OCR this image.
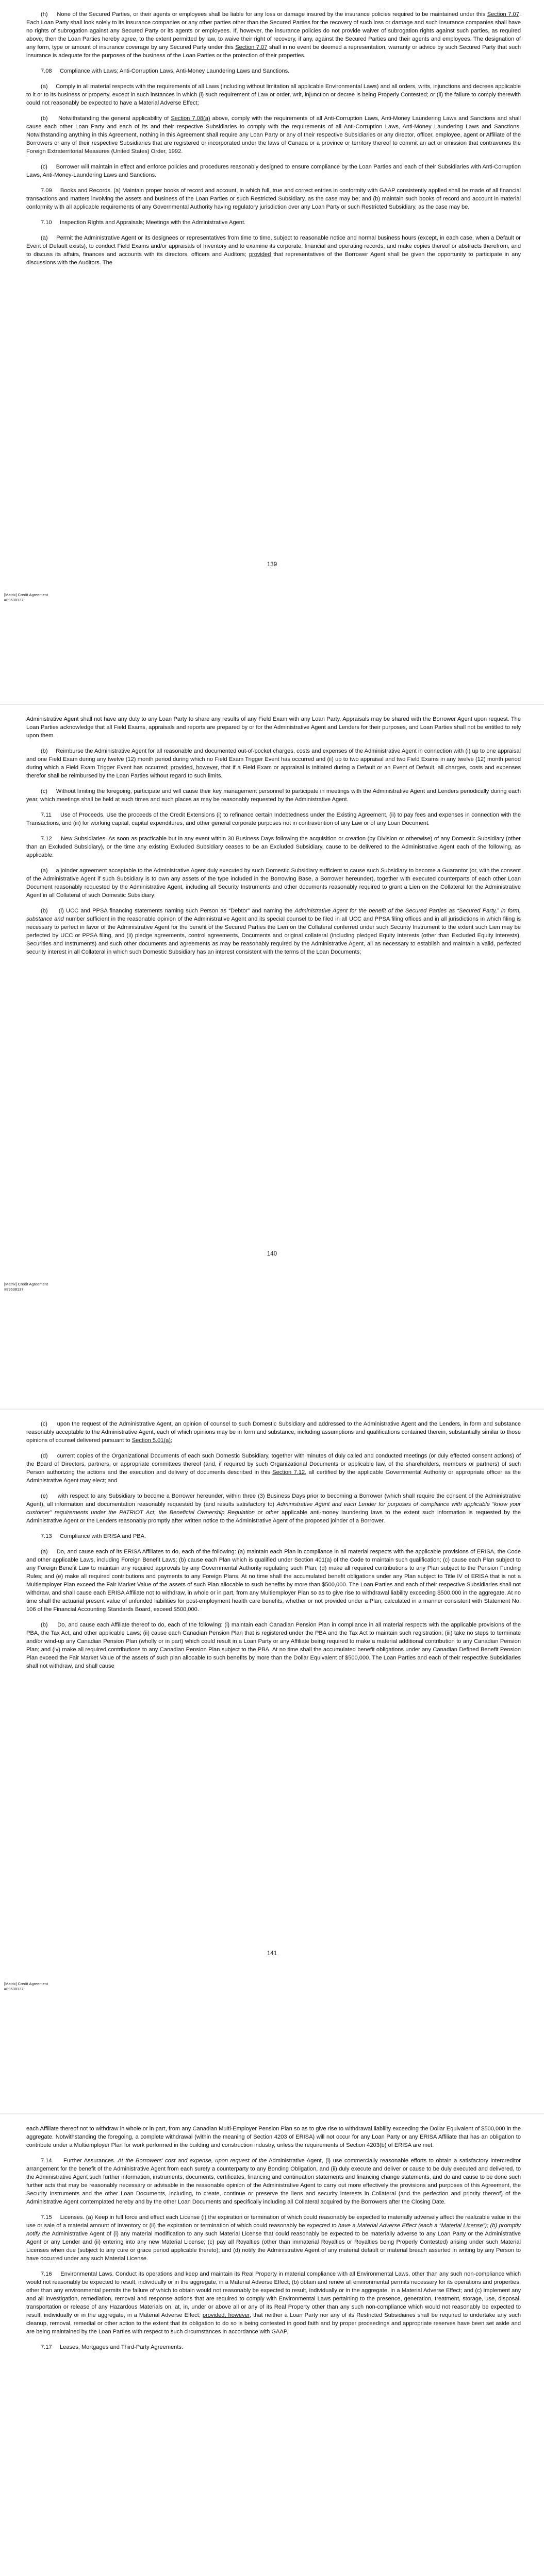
(h)     None of the Secured Parties, or their agents or employees shall be liable for any loss or damage insured by the insurance policies required to be maintained under this Section 7.07. Each Loan Party shall look solely to its insurance companies or any other parties other than the Secured Parties for the recovery of such loss or damage and such insurance companies shall have no rights of subrogation against any Secured Party or its agents or employees. If, however, the insurance policies do not provide waiver of subrogation rights against such parties, as required above, then the Loan Parties hereby agree, to the extent permitted by law, to waive their right of recovery, if any, against the Secured Parties and their agents and employees. The designation of any form, type or amount of insurance coverage by any Secured Party under this Section 7.07 shall in no event be deemed a representation, warranty or advice by such Secured Party that such insurance is adequate for the purposes of the business of the Loan Parties or the protection of their properties.

7.08     Compliance with Laws; Anti-Corruption Laws, Anti-Money Laundering Laws and Sanctions.

(a)     Comply in all material respects with the requirements of all Laws (including without limitation all applicable Environmental Laws) and all orders, writs, injunctions and decrees applicable to it or to its business or property, except in such instances in which (i) such requirement of Law or order, writ, injunction or decree is being Properly Contested; or (ii) the failure to comply therewith could not reasonably be expected to have a Material Adverse Effect;

(b)     Notwithstanding the general applicability of Section 7.08(a) above, comply with the requirements of all Anti-Corruption Laws, Anti-Money Laundering Laws and Sanctions and shall cause each other Loan Party and each of its and their respective Subsidiaries to comply with the requirements of all Anti-Corruption Laws, Anti-Money Laundering Laws and Sanctions. Notwithstanding anything in this Agreement, nothing in this Agreement shall require any Loan Party or any of their respective Subsidiaries or any director, officer, employee, agent or Affiliate of the Borrowers or any of their respective Subsidiaries that are registered or incorporated under the laws of Canada or a province or territory thereof to commit an act or omission that contravenes the Foreign Extraterritorial Measures (United States) Order, 1992.

(c)     Borrower will maintain in effect and enforce policies and procedures reasonably designed to ensure compliance by the Loan Parties and each of their Subsidiaries with Anti-Corruption Laws, Anti-Money-Laundering Laws and Sanctions.

7.09     Books and Records. (a) Maintain proper books of record and account, in which full, true and correct entries in conformity with GAAP consistently applied shall be made of all financial transactions and matters involving the assets and business of the Loan Parties or such Restricted Subsidiary, as the case may be; and (b) maintain such books of record and account in material conformity with all applicable requirements of any Governmental Authority having regulatory jurisdiction over any Loan Party or such Restricted Subsidiary, as the case may be.

7.10     Inspection Rights and Appraisals; Meetings with the Administrative Agent.

(a)     Permit the Administrative Agent or its designees or representatives from time to time, subject to reasonable notice and normal business hours (except, in each case, when a Default or Event of Default exists), to conduct Field Exams and/or appraisals of Inventory and to examine its corporate, financial and operating records, and make copies thereof or abstracts therefrom, and to discuss its affairs, finances and accounts with its directors, officers and Auditors; provided that representatives of the Borrower Agent shall be given the opportunity to participate in any discussions with the Auditors. The

139
[Matrix] Credit Agreement
#89638137

Administrative Agent shall not have any duty to any Loan Party to share any results of any Field Exam with any Loan Party. Appraisals may be shared with the Borrower Agent upon request. The Loan Parties acknowledge that all Field Exams, appraisals and reports are prepared by or for the Administrative Agent and Lenders for their purposes, and Loan Parties shall not be entitled to rely upon them.

(b)     Reimburse the Administrative Agent for all reasonable and documented out-of-pocket charges, costs and expenses of the Administrative Agent in connection with (i) up to one appraisal and one Field Exam during any twelve (12) month period during which no Field Exam Trigger Event has occurred and (ii) up to two appraisal and two Field Exams in any twelve (12) month period during which a Field Exam Trigger Event has occurred; provided, however, that if a Field Exam or appraisal is initiated during a Default or an Event of Default, all charges, costs and expenses therefor shall be reimbursed by the Loan Parties without regard to such limits.

(c)     Without limiting the foregoing, participate and will cause their key management personnel to participate in meetings with the Administrative Agent and Lenders periodically during each year, which meetings shall be held at such times and such places as may be reasonably requested by the Administrative Agent.

7.11     Use of Proceeds. Use the proceeds of the Credit Extensions (i) to refinance certain Indebtedness under the Existing Agreement, (ii) to pay fees and expenses in connection with the Transactions, and (iii) for working capital, capital expenditures, and other general corporate purposes not in contravention of any Law or of any Loan Document.

7.12     New Subsidiaries. As soon as practicable but in any event within 30 Business Days following the acquisition or creation (by Division or otherwise) of any Domestic Subsidiary (other than an Excluded Subsidiary), or the time any existing Excluded Subsidiary ceases to be an Excluded Subsidiary, cause to be delivered to the Administrative Agent each of the following, as applicable:

(a)     a joinder agreement acceptable to the Administrative Agent duly executed by such Domestic Subsidiary sufficient to cause such Subsidiary to become a Guarantor (or, with the consent of the Administrative Agent if such Subsidiary is to own any assets of the type included in the Borrowing Base, a Borrower hereunder), together with executed counterparts of each other Loan Document reasonably requested by the Administrative Agent, including all Security Instruments and other documents reasonably required to grant a Lien on the Collateral for the Administrative Agent in all Collateral of such Domestic Subsidiary;

(b)     (i) UCC and PPSA financing statements naming such Person as “Debtor” and naming the Administrative Agent for the benefit of the Secured Parties as “Secured Party,” in form, substance and number sufficient in the reasonable opinion of the Administrative Agent and its special counsel to be filed in all UCC and PPSA filing offices and in all jurisdictions in which filing is necessary to perfect in favor of the Administrative Agent for the benefit of the Secured Parties the Lien on the Collateral conferred under such Security Instrument to the extent such Lien may be perfected by UCC or PPSA filing, and (ii) pledge agreements, control agreements, Documents and original collateral (including pledged Equity Interests (other than Excluded Equity Interests), Securities and Instruments) and such other documents and agreements as may be reasonably required by the Administrative Agent, all as necessary to establish and maintain a valid, perfected security interest in all Collateral in which such Domestic Subsidiary has an interest consistent with the terms of the Loan Documents;

140
[Matrix] Credit Agreement
#89638137

(c)     upon the request of the Administrative Agent, an opinion of counsel to such Domestic Subsidiary and addressed to the Administrative Agent and the Lenders, in form and substance reasonably acceptable to the Administrative Agent, each of which opinions may be in form and substance, including assumptions and qualifications contained therein, substantially similar to those opinions of counsel delivered pursuant to Section 5.01(a);

(d)     current copies of the Organizational Documents of each such Domestic Subsidiary, together with minutes of duly called and conducted meetings (or duly effected consent actions) of the Board of Directors, partners, or appropriate committees thereof (and, if required by such Organizational Documents or applicable law, of the shareholders, members or partners) of such Person authorizing the actions and the execution and delivery of documents described in this Section 7.12, all certified by the applicable Governmental Authority or appropriate officer as the Administrative Agent may elect; and

(e)     with respect to any Subsidiary to become a Borrower hereunder, within three (3) Business Days prior to becoming a Borrower (which shall require the consent of the Administrative Agent), all information and documentation reasonably requested by (and results satisfactory to) Administrative Agent and each Lender for purposes of compliance with applicable “know your customer” requirements under the PATRIOT Act, the Beneficial Ownership Regulation or other applicable anti-money laundering laws to the extent such information is requested by the Administrative Agent or the Lenders reasonably promptly after written notice to the Administrative Agent of the proposed joinder of a Borrower.

7.13     Compliance with ERISA and PBA.

(a)     Do, and cause each of its ERISA Affiliates to do, each of the following: (a) maintain each Plan in compliance in all material respects with the applicable provisions of ERISA, the Code and other applicable Laws, including Foreign Benefit Laws; (b) cause each Plan which is qualified under Section 401(a) of the Code to maintain such qualification; (c) cause each Plan subject to any Foreign Benefit Law to maintain any required approvals by any Governmental Authority regulating such Plan; (d) make all required contributions to any Plan subject to the Pension Funding Rules; and (e) make all required contributions and payments to any Foreign Plans. At no time shall the accumulated benefit obligations under any Plan subject to Title IV of ERISA that is not a Multiemployer Plan exceed the Fair Market Value of the assets of such Plan allocable to such benefits by more than $500,000. The Loan Parties and each of their respective Subsidiaries shall not withdraw, and shall cause each ERISA Affiliate not to withdraw, in whole or in part, from any Multiemployer Plan so as to give rise to withdrawal liability exceeding $500,000 in the aggregate. At no time shall the actuarial present value of unfunded liabilities for post-employment health care benefits, whether or not provided under a Plan, calculated in a manner consistent with Statement No. 106 of the Financial Accounting Standards Board, exceed $500,000.

(b)     Do, and cause each Affiliate thereof to do, each of the following: (i) maintain each Canadian Pension Plan in compliance in all material respects with the applicable provisions of the PBA, the Tax Act, and other applicable Laws; (ii) cause each Canadian Pension Plan that is registered under the PBA and the Tax Act to maintain such registration; (iii) take no steps to terminate and/or wind-up any Canadian Pension Plan (wholly or in part) which could result in a Loan Party or any Affiliate being required to make a material additional contribution to any Canadian Pension Plan; and (iv) make all required contributions to any Canadian Pension Plan subject to the PBA. At no time shall the accumulated benefit obligations under any Canadian Defined Benefit Pension Plan exceed the Fair Market Value of the assets of such plan allocable to such benefits by more than the Dollar Equivalent of $500,000. The Loan Parties and each of their respective Subsidiaries shall not withdraw, and shall cause

141
[Matrix] Credit Agreement
#89638137

each Affiliate thereof not to withdraw in whole or in part, from any Canadian Multi-Employer Pension Plan so as to give rise to withdrawal liability exceeding the Dollar Equivalent of $500,000 in the aggregate. Notwithstanding the foregoing, a complete withdrawal (within the meaning of Section 4203 of ERISA) will not occur for any Loan Party or any ERISA Affiliate that has an obligation to contribute under a Multiemployer Plan for work performed in the building and construction industry, unless the requirements of Section 4203(b) of ERISA are met.

7.14     Further Assurances. At the Borrowers’ cost and expense, upon request of the Administrative Agent, (i) use commercially reasonable efforts to obtain a satisfactory intercreditor arrangement for the benefit of the Administrative Agent from each surety a counterparty to any Bonding Obligation, and (ii) duly execute and deliver or cause to be duly executed and delivered, to the Administrative Agent such further information, instruments, documents, certificates, financing and continuation statements and financing change statements, and do and cause to be done such further acts that may be reasonably necessary or advisable in the reasonable opinion of the Administrative Agent to carry out more effectively the provisions and purposes of this Agreement, the Security Instruments and the other Loan Documents, including, to create, continue or preserve the liens and security interests in Collateral (and the perfection and priority thereof) of the Administrative Agent contemplated hereby and by the other Loan Documents and specifically including all Collateral acquired by the Borrowers after the Closing Date.

7.15     Licenses. (a) Keep in full force and effect each License (i) the expiration or termination of which could reasonably be expected to materially adversely affect the realizable value in the use or sale of a material amount of Inventory or (ii) the expiration or termination of which could reasonably be expected to have a Material Adverse Effect (each a “Material License”); (b) promptly notify the Administrative Agent of (i) any material modification to any such Material License that could reasonably be expected to be materially adverse to any Loan Party or the Administrative Agent or any Lender and (ii) entering into any new Material License; (c) pay all Royalties (other than immaterial Royalties or Royalties being Properly Contested) arising under such Material Licenses when due (subject to any cure or grace period applicable thereto); and (d) notify the Administrative Agent of any material default or material breach asserted in writing by any Person to have occurred under any such Material License.

7.16     Environmental Laws. Conduct its operations and keep and maintain its Real Property in material compliance with all Environmental Laws, other than any such non-compliance which would not reasonably be expected to result, individually or in the aggregate, in a Material Adverse Effect; (b) obtain and renew all environmental permits necessary for its operations and properties, other than any environmental permits the failure of which to obtain would not reasonably be expected to result, individually or in the aggregate, in a Material Adverse Effect; and (c) implement any and all investigation, remediation, removal and response actions that are required to comply with Environmental Laws pertaining to the presence, generation, treatment, storage, use, disposal, transportation or release of any Hazardous Materials on, at, in, under or above all or any of its Real Property other than any such non-compliance which would not reasonably be expected to result, individually or in the aggregate, in a Material Adverse Effect; provided, however, that neither a Loan Party nor any of its Restricted Subsidiaries shall be required to undertake any such cleanup, removal, remedial or other action to the extent that its obligation to do so is being contested in good faith and by proper proceedings and appropriate reserves have been set aside and are being maintained by the Loan Parties with respect to such circumstances in accordance with GAAP.

7.17     Leases, Mortgages and Third-Party Agreements.
